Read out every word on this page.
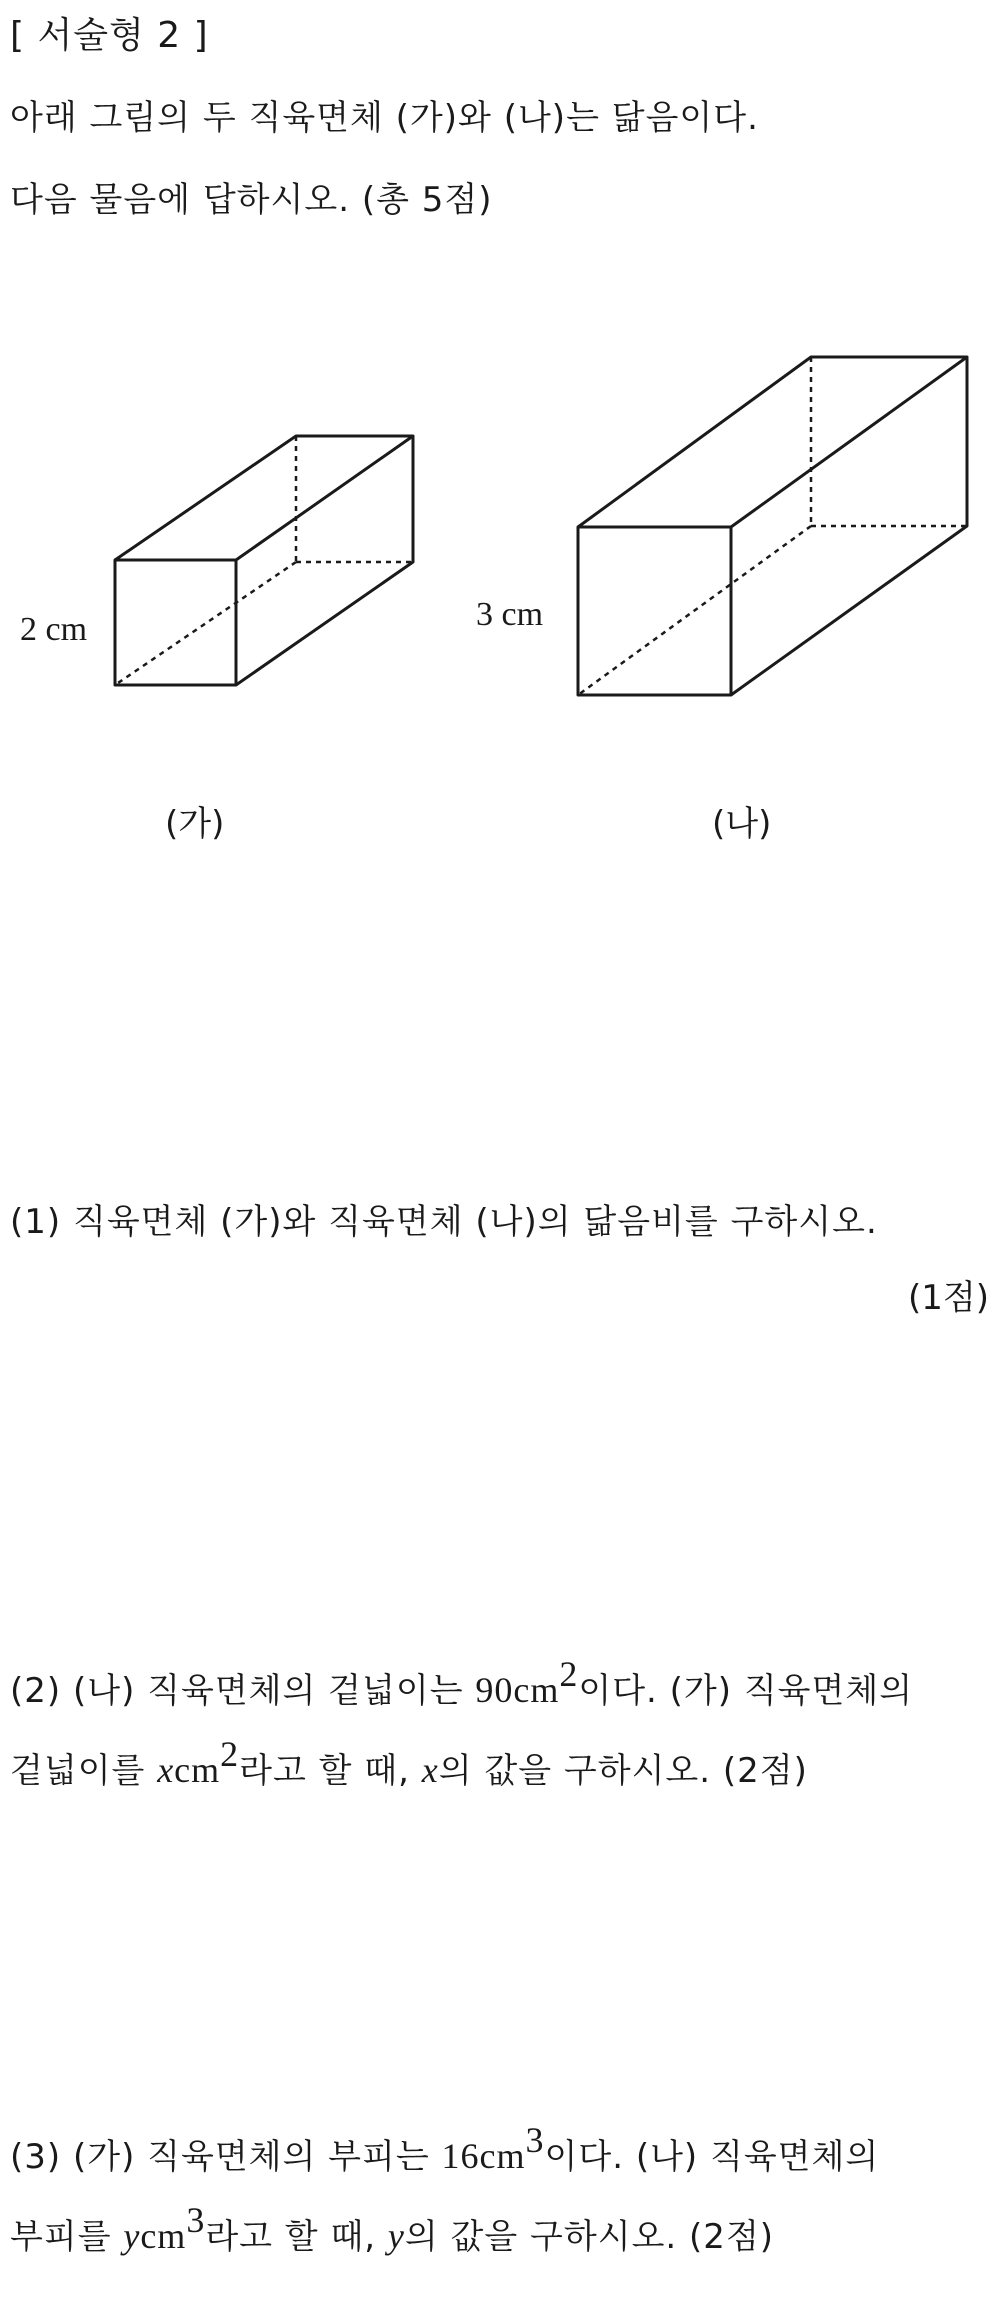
[ 서술형 2 ]
아래 그림의 두 직육면체 (가)와 (나)는 닮음이다.
다음 물음에 답하시오. (총 5점)
2 cm	3 cm
(가)	(나)
(1) 직육면체 (가)와 직육면체 (나)의 닮음비를 구하시오.
(1점)
(2) (나) 직육면체의 겉넓이는 $90cm^2$이다. (가) 직육면체의
겉넓이를 xcm$^2$라고 할 때, x의 값을 구하시오. (2점)
(3) (가) 직육면체의 부피는 $16cm^3$이다. (나) 직육면체의
부피를 ycm$^3$라고 할 때, y의 값을 구하시오. (2점)
